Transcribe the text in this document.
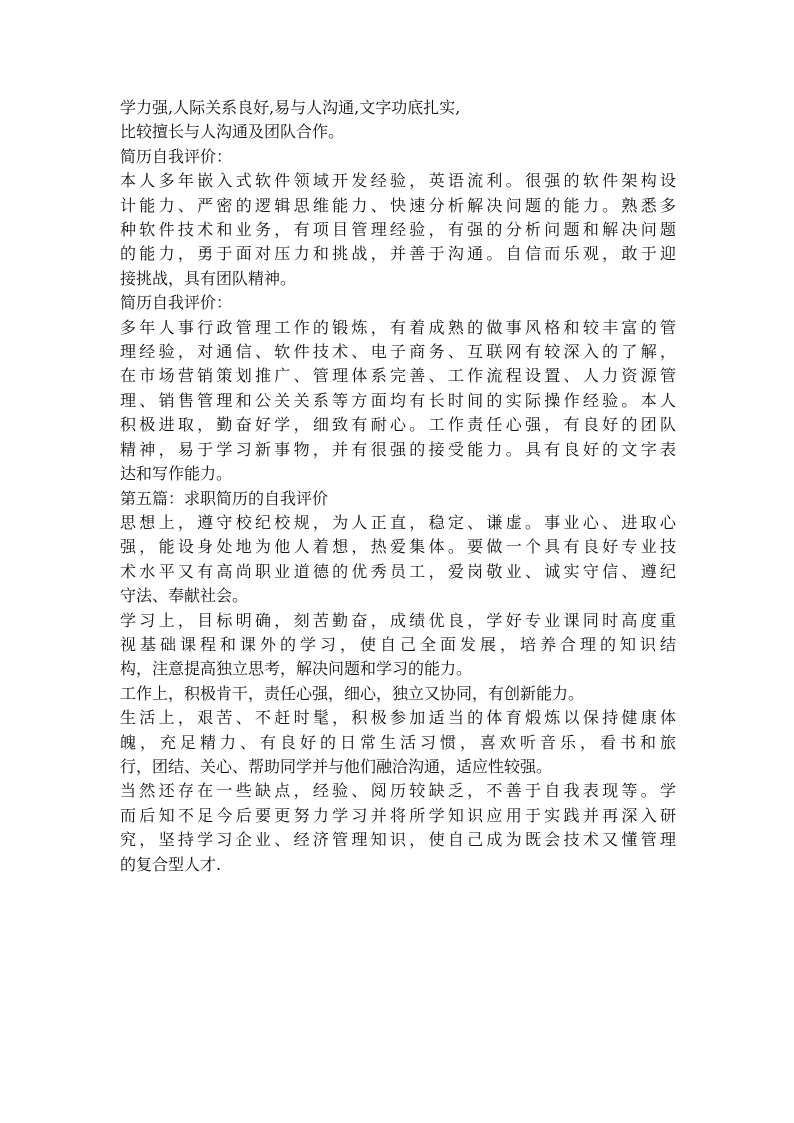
学力强,人际关系良好,易与人沟通,文字功底扎实,
比较擅长与人沟通及团队合作。
简历自我评价：
本人多年嵌入式软件领域开发经验，英语流利。很强的软件架构设
计能力、严密的逻辑思维能力、快速分析解决问题的能力。熟悉多
种软件技术和业务，有项目管理经验，有强的分析问题和解决问题
的能力，勇于面对压力和挑战，并善于沟通。自信而乐观，敢于迎
接挑战，具有团队精神。
简历自我评价：
多年人事行政管理工作的锻炼，有着成熟的做事风格和较丰富的管
理经验，对通信、软件技术、电子商务、互联网有较深入的了解，
在市场营销策划推广、管理体系完善、工作流程设置、人力资源管
理、销售管理和公关关系等方面均有长时间的实际操作经验。本人
积极进取，勤奋好学，细致有耐心。工作责任心强，有良好的团队
精神，易于学习新事物，并有很强的接受能力。具有良好的文字表
达和写作能力。
第五篇：求职简历的自我评价
思想上，遵守校纪校规，为人正直，稳定、谦虚。事业心、进取心
强，能设身处地为他人着想，热爱集体。要做一个具有良好专业技
术水平又有高尚职业道德的优秀员工，爱岗敬业、诚实守信、遵纪
守法、奉献社会。
学习上，目标明确，刻苦勤奋，成绩优良，学好专业课同时高度重
视基础课程和课外的学习，使自己全面发展，培养合理的知识结
构，注意提高独立思考，解决问题和学习的能力。
工作上，积极肯干，责任心强，细心，独立又协同，有创新能力。
生活上，艰苦、不赶时髦，积极参加适当的体育煅炼以保持健康体
魄，充足精力、有良好的日常生活习惯，喜欢听音乐，看书和旅
行，团结、关心、帮助同学并与他们融洽沟通，适应性较强。
当然还存在一些缺点，经验、阅历较缺乏，不善于自我表现等。学
而后知不足今后要更努力学习并将所学知识应用于实践并再深入研
究，坚持学习企业、经济管理知识，使自己成为既会技术又懂管理
的复合型人才.
